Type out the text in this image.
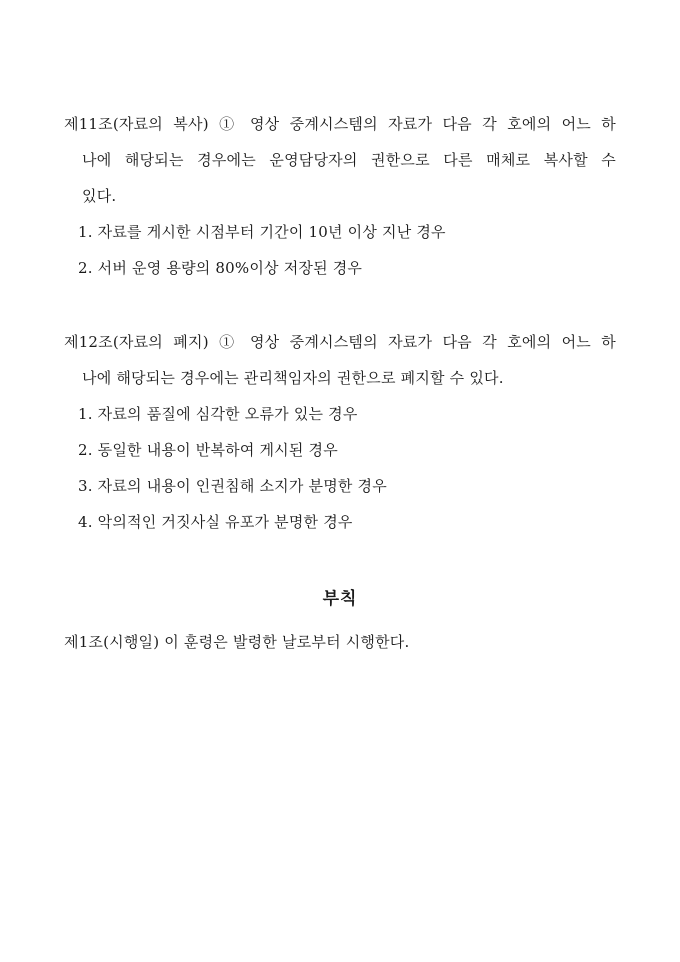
제11조(자료의 복사) ① 영상 중계시스템의 자료가 다음 각 호에의 어느 하
나에 해당되는 경우에는 운영담당자의 권한으로 다른 매체로 복사할 수
있다.
1. 자료를 게시한 시점부터 기간이 10년 이상 지난 경우
2. 서버 운영 용량의 80%이상 저장된 경우
제12조(자료의 폐지) ① 영상 중계시스템의 자료가 다음 각 호에의 어느 하
나에 해당되는 경우에는 관리책임자의 권한으로 폐지할 수 있다.
1. 자료의 품질에 심각한 오류가 있는 경우
2. 동일한 내용이 반복하여 게시된 경우
3. 자료의 내용이 인권침해 소지가 분명한 경우
4. 악의적인 거짓사실 유포가 분명한 경우
부칙
제1조(시행일) 이 훈령은 발령한 날로부터 시행한다.
